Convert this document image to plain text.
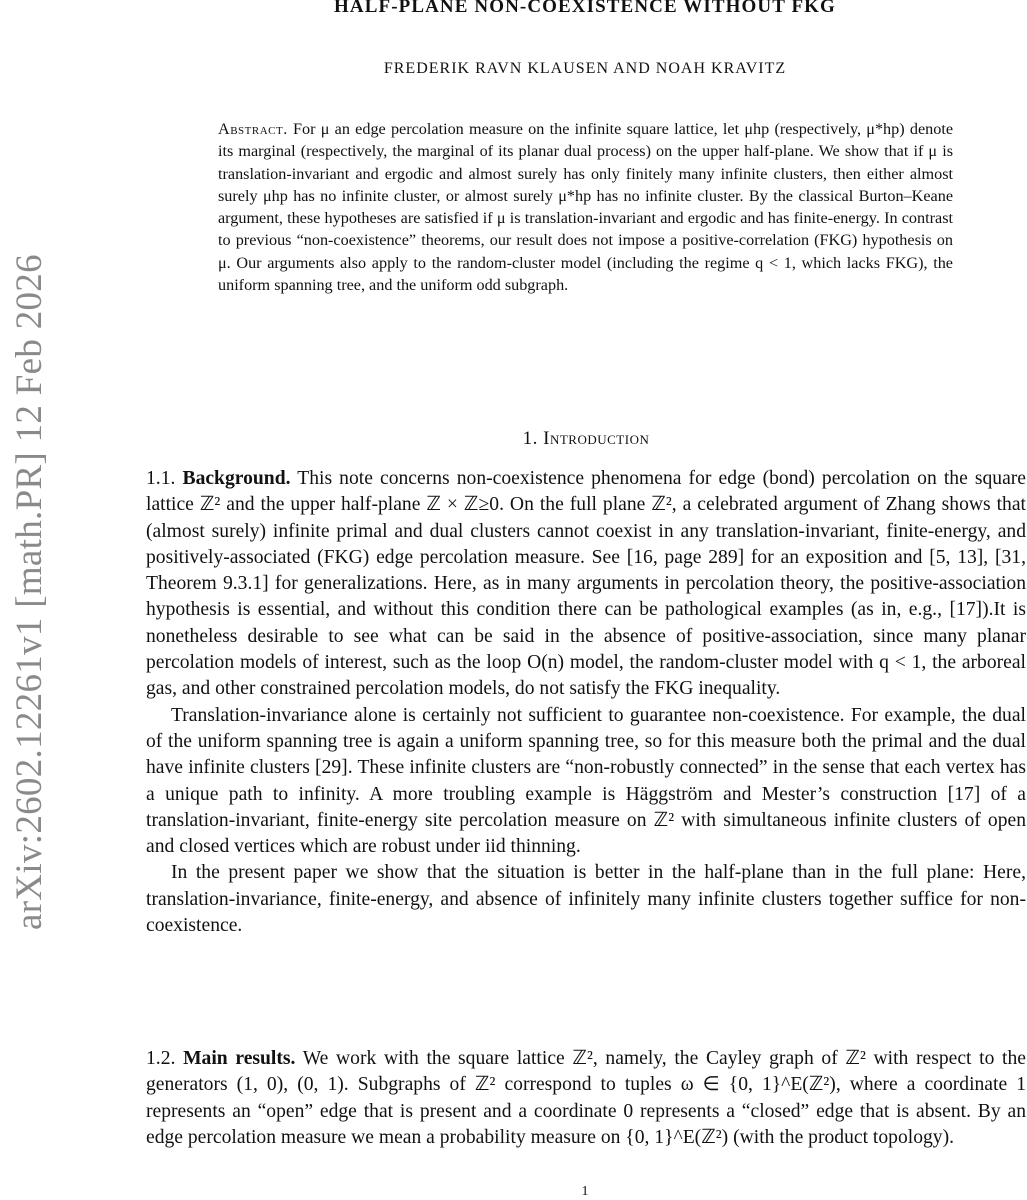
arXiv:2602.12261v1 [math.PR] 12 Feb 2026
HALF-PLANE NON-COEXISTENCE WITHOUT FKG
FREDERIK RAVN KLAUSEN AND NOAH KRAVITZ
Abstract. For μ an edge percolation measure on the infinite square lattice, let μhp (respectively, μ*hp) denote its marginal (respectively, the marginal of its planar dual process) on the upper half-plane. We show that if μ is translation-invariant and ergodic and almost surely has only finitely many infinite clusters, then either almost surely μhp has no infinite cluster, or almost surely μ*hp has no infinite cluster. By the classical Burton–Keane argument, these hypotheses are satisfied if μ is translation-invariant and ergodic and has finite-energy. In contrast to previous “non-coexistence” theorems, our result does not impose a positive-correlation (FKG) hypothesis on μ. Our arguments also apply to the random-cluster model (including the regime q < 1, which lacks FKG), the uniform spanning tree, and the uniform odd subgraph.
1. Introduction

1.1. Background. This note concerns non-coexistence phenomena for edge (bond) percolation on the square lattice ℤ² and the upper half-plane ℤ × ℤ≥0. On the full plane ℤ², a celebrated argument of Zhang shows that (almost surely) infinite primal and dual clusters cannot coexist in any translation-invariant, finite-energy, and positively-associated (FKG) edge percolation measure. See [16, page 289] for an exposition and [5, 13], [31, Theorem 9.3.1] for generalizations. Here, as in many arguments in percolation theory, the positive-association hypothesis is essential, and without this condition there can be pathological examples (as in, e.g., [17]).It is nonetheless desirable to see what can be said in the absence of positive-association, since many planar percolation models of interest, such as the loop O(n) model, the random-cluster model with q < 1, the arboreal gas, and other constrained percolation models, do not satisfy the FKG inequality.

Translation-invariance alone is certainly not sufficient to guarantee non-coexistence. For example, the dual of the uniform spanning tree is again a uniform spanning tree, so for this measure both the primal and the dual have infinite clusters [29]. These infinite clusters are “non-robustly connected” in the sense that each vertex has a unique path to infinity. A more troubling example is Häggström and Mester’s construction [17] of a translation-invariant, finite-energy site percolation measure on ℤ² with simultaneous infinite clusters of open and closed vertices which are robust under iid thinning.

In the present paper we show that the situation is better in the half-plane than in the full plane: Here, translation-invariance, finite-energy, and absence of infinitely many infinite clusters together suffice for non-coexistence.

1.2. Main results. We work with the square lattice ℤ², namely, the Cayley graph of ℤ² with respect to the generators (1, 0), (0, 1). Subgraphs of ℤ² correspond to tuples ω ∈ {0, 1}^E(ℤ²), where a coordinate 1 represents an “open” edge that is present and a coordinate 0 represents a “closed” edge that is absent. By an edge percolation measure we mean a probability measure on {0, 1}^E(ℤ²) (with the product topology).

1
